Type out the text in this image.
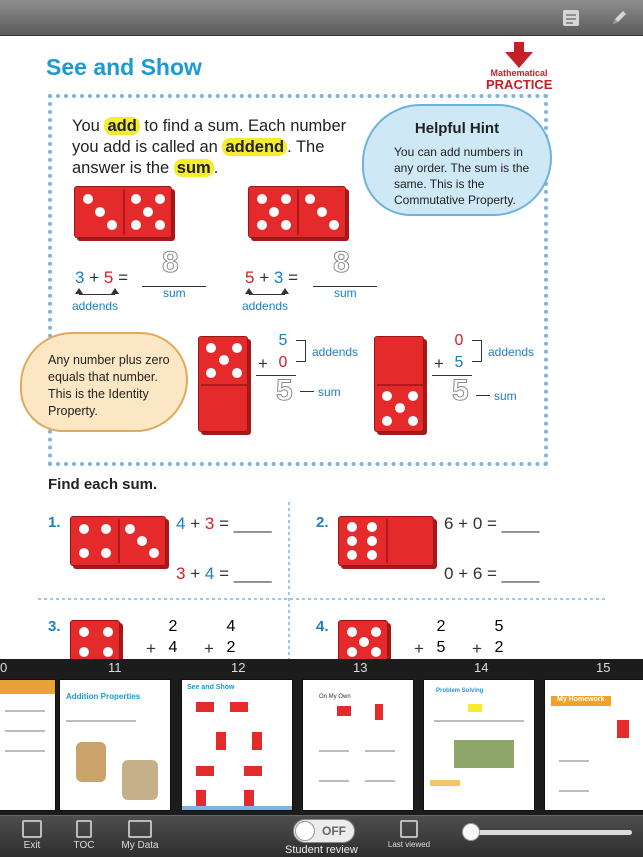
See and Show	Mathematical
PRACTICE
You add to find a sum. Each number you add is called an addend . The answer is the sum .
Helpful Hint
You can add numbers in any order. The sum is the same. This is the Commutative Property.
3 + 5 = 8
sum
addends
5 + 3 = 8
sum
addends
Any number plus zero equals that number. This is the Identity Property.
5
+ 0
5
addends
sum
0
+ 5
5
addends
sum
Find each sum.
1.	4 + 3 = ____
3 + 4 = ____
2.	6 + 0 = ____
0 + 6 = ____
3.	2
+ 4
4
+ 2
4.	2
+ 5
5
+ 2
0	11	12	13	14	15
Addition Properties
See and Show
On My Own
Problem Solving
My Homework
Exit	TOC	My Data
OFF
Student review	Last viewed
